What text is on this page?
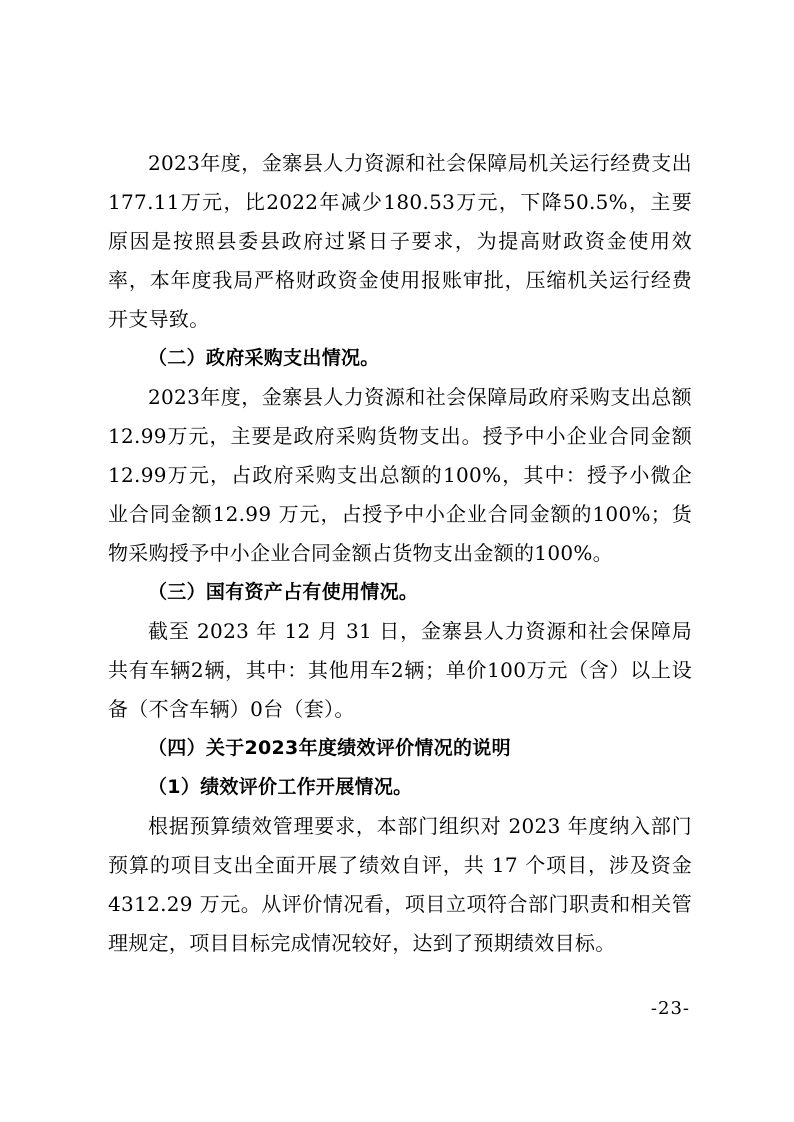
2023年度，金寨县人力资源和社会保障局机关运行经费支出177.11万元，比2022年减少180.53万元，下降50.5%，主要原因是按照县委县政府过紧日子要求，为提高财政资金使用效率，本年度我局严格财政资金使用报账审批，压缩机关运行经费开支导致。

（二）政府采购支出情况。

2023年度，金寨县人力资源和社会保障局政府采购支出总额12.99万元，主要是政府采购货物支出。授予中小企业合同金额12.99万元，占政府采购支出总额的100%，其中：授予小微企业合同金额12.99 万元，占授予中小企业合同金额的100%；货物采购授予中小企业合同金额占货物支出金额的100%。

（三）国有资产占有使用情况。

截至 2023 年 12 月 31 日，金寨县人力资源和社会保障局共有车辆2辆，其中：其他用车2辆；单价100万元（含）以上设备（不含车辆）0台（套）。

（四）关于2023年度绩效评价情况的说明

（1）绩效评价工作开展情况。

根据预算绩效管理要求，本部门组织对 2023 年度纳入部门预算的项目支出全面开展了绩效自评，共 17 个项目，涉及资金4312.29 万元。从评价情况看，项目立项符合部门职责和相关管理规定，项目目标完成情况较好，达到了预期绩效目标。

-23-
